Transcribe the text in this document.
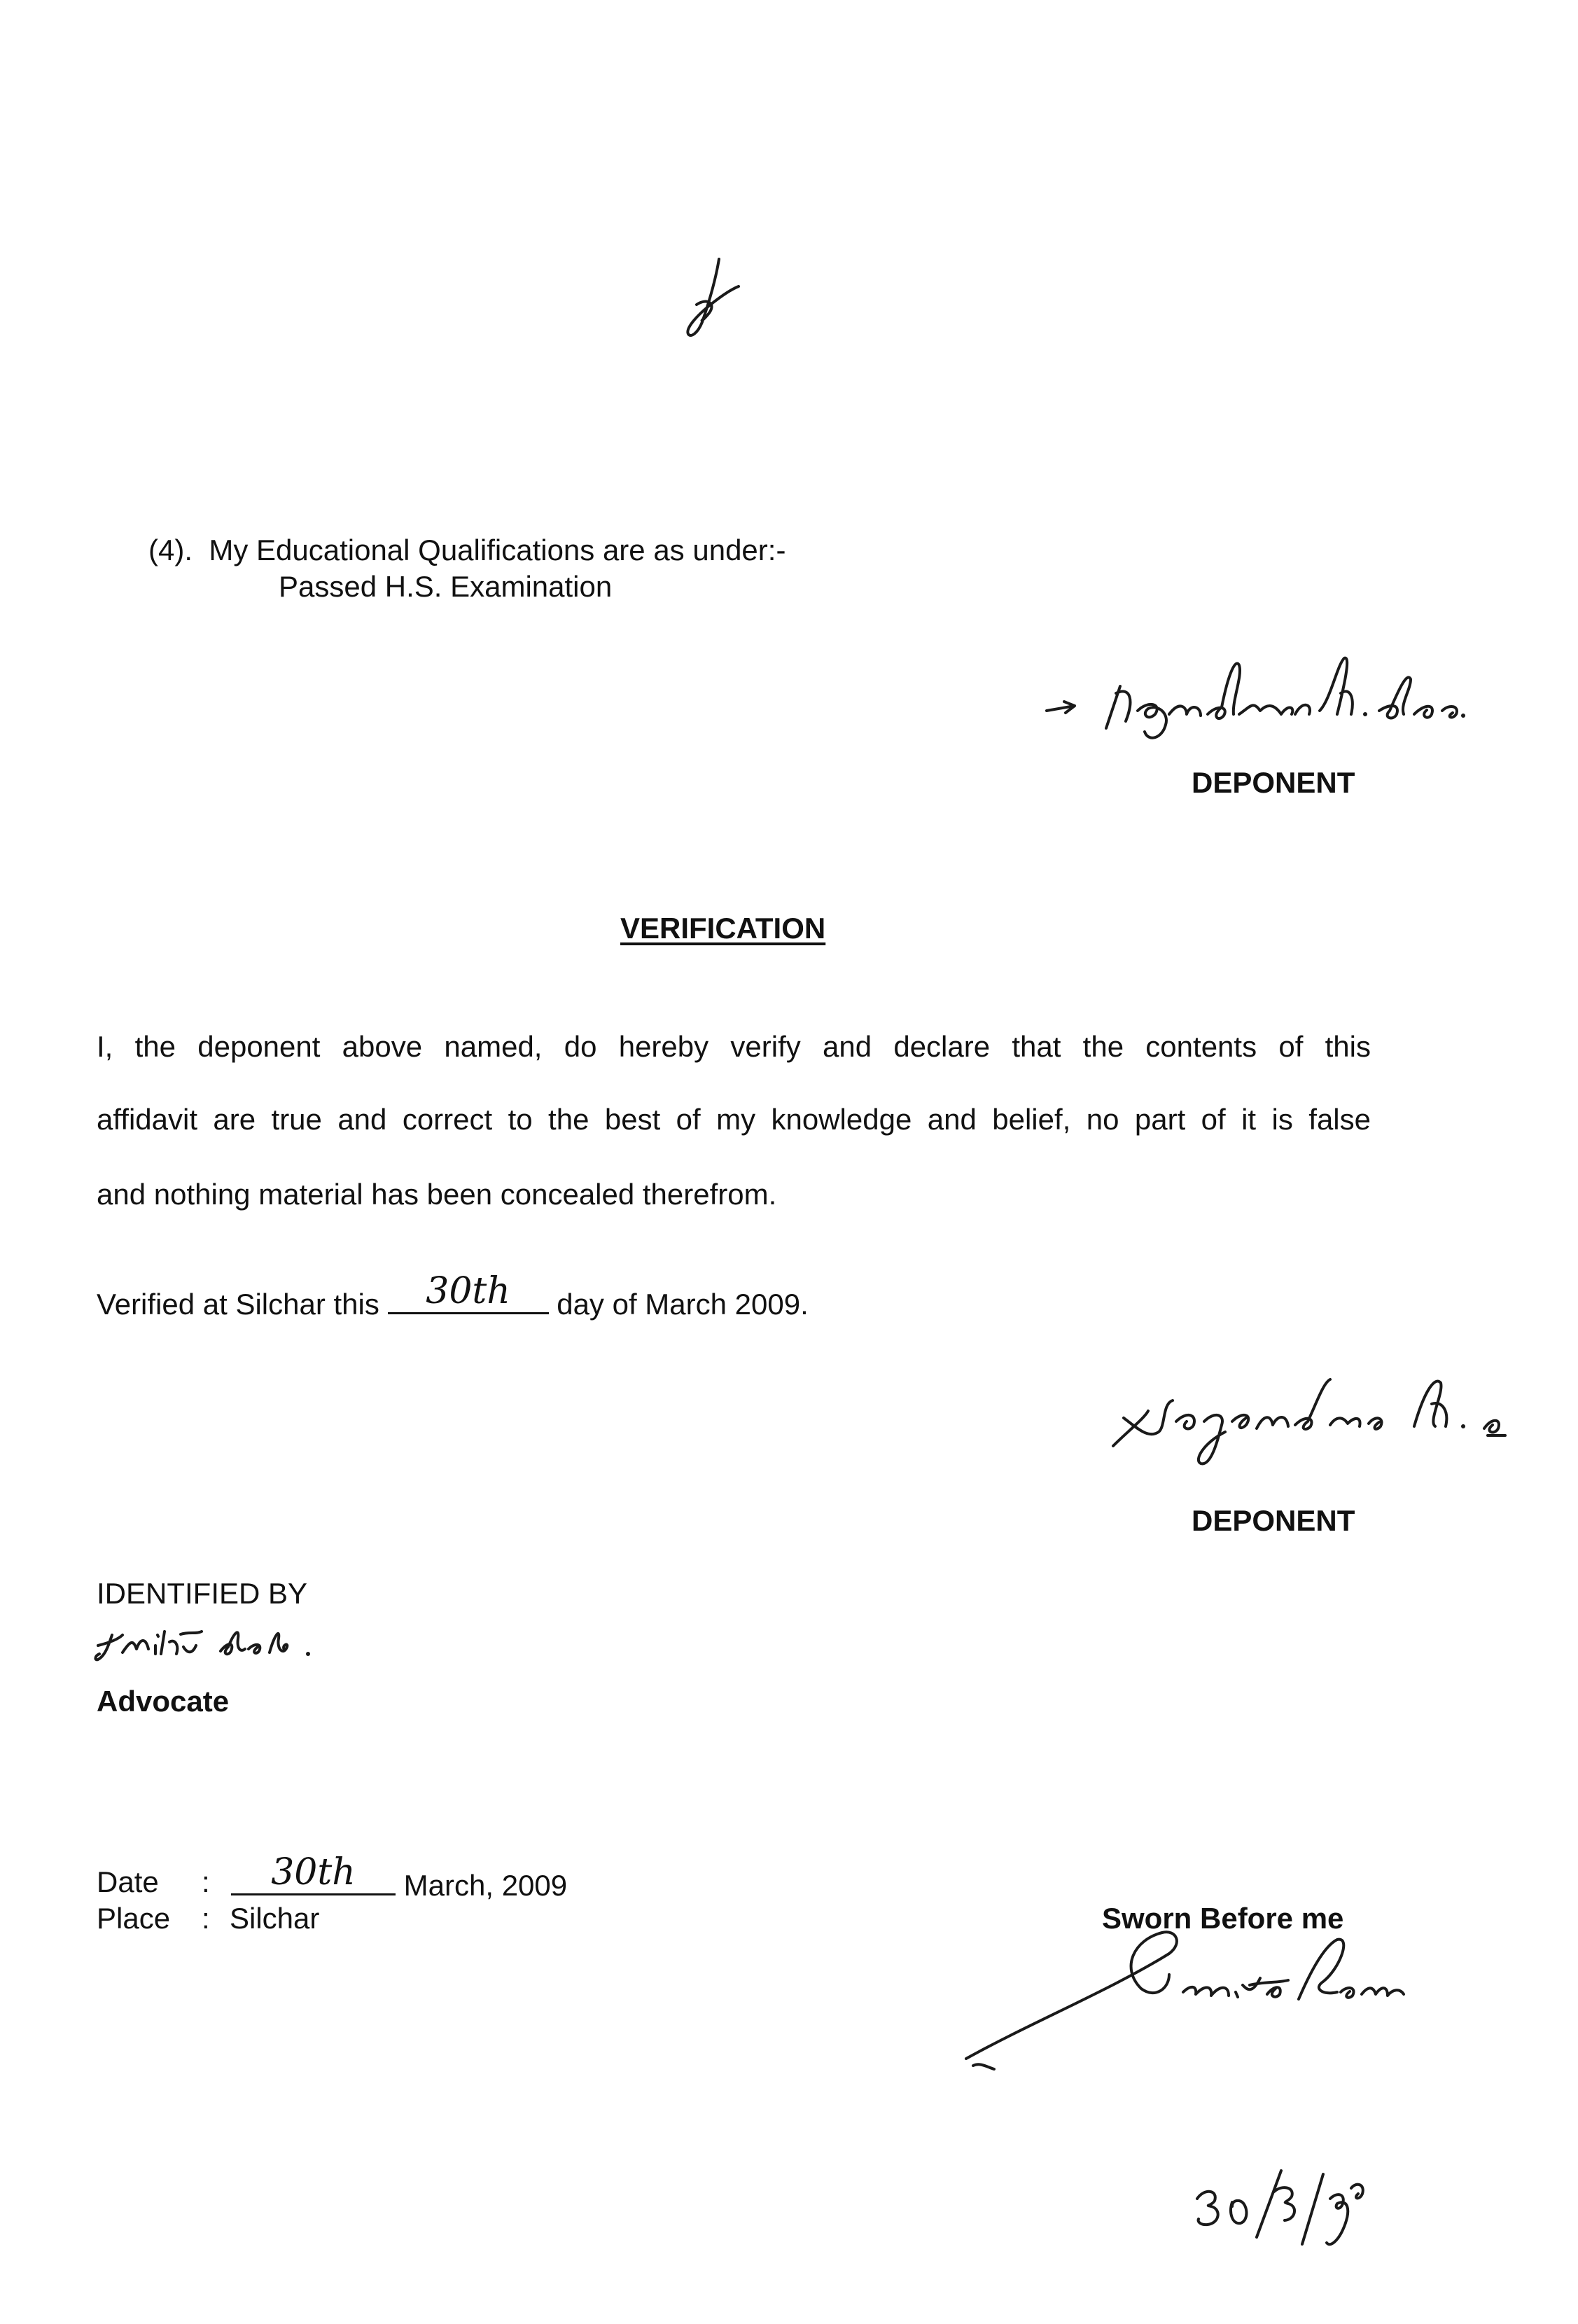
(4).  My Educational Qualifications are as under:-
Passed H.S. Examination
DEPONENT
VERIFICATION
I, the deponent above named, do hereby verify and declare that the contents of this
affidavit are true and correct to the best of my knowledge and belief, no part of it is false
and nothing material has been concealed therefrom.
Verified at Silchar this	30th	day of March 2009.
DEPONENT
IDENTIFIED BY
Advocate
Date :	30th	March, 2009
Place : Silchar	Sworn Before me
